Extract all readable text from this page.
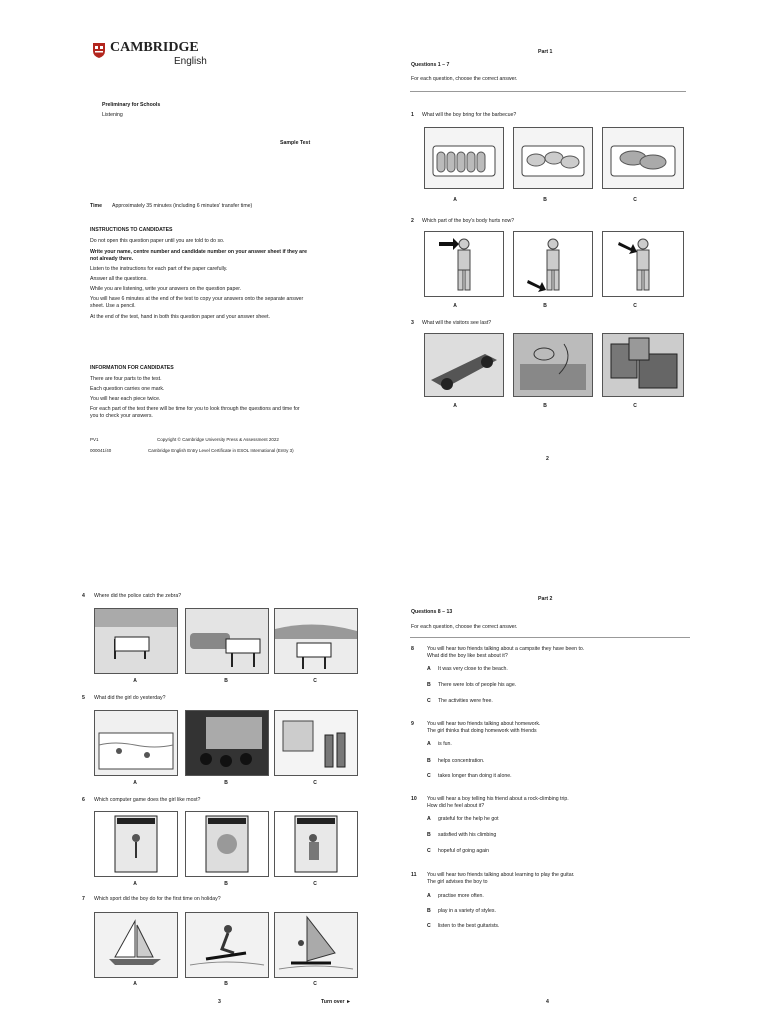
CAMBRIDGE
English
Preliminary for Schools
Listening
Sample Test
Time Approximately 35 minutes (including 6 minutes' transfer time)
INSTRUCTIONS TO CANDIDATES
Do not open this question paper until you are told to do so.
Write your name, centre number and candidate number on your answer sheet if they are
not already there.
Listen to the instructions for each part of the paper carefully.
Answer all the questions.
While you are listening, write your answers on the question paper.
You will have 6 minutes at the end of the test to copy your answers onto the separate answer
sheet. Use a pencil.
At the end of the test, hand in both this question paper and your answer sheet.
INFORMATION FOR CANDIDATES
There are four parts to the test.
Each question carries one mark.
You will hear each piece twice.
For each part of the test there will be time for you to look through the questions and time for
you to check your answers.
PV1	Copyright © Cambridge University Press & Assessment 2022
000041/40	Cambridge English Entry Level Certificate in ESOL International (Entry 3)
Part 1
Questions 1 – 7
For each question, choose the correct answer.
1 What will the boy bring for the barbecue?
A	B	C
2 Which part of the boy's body hurts now?
A	B	C
3 What will the visitors see last?
A	B	C
2
4 Where did the police catch the zebra?
A	B	C
5 What did the girl do yesterday?
A	B	C
6 Which computer game does the girl like most?
A	B	C
7 Which sport did the boy do for the first time on holiday?
A	B	C
3	Turn over ►
Part 2
Questions 8 – 13
For each question, choose the correct answer.
8	You will hear two friends talking about a campsite they have been to.
What did the boy like best about it?
A It was very close to the beach.
B There were lots of people his age.
C The activities were free.
9	You will hear two friends talking about homework.
The girl thinks that doing homework with friends
A is fun.
B helps concentration.
C takes longer than doing it alone.
10 You will hear a boy telling his friend about a rock-climbing trip.
How did he feel about it?
A grateful for the help he got
B satisfied with his climbing
C hopeful of going again
11 You will hear two friends talking about learning to play the guitar.
The girl advises the boy to
A practise more often.
B play in a variety of styles.
C listen to the best guitarists.
4
